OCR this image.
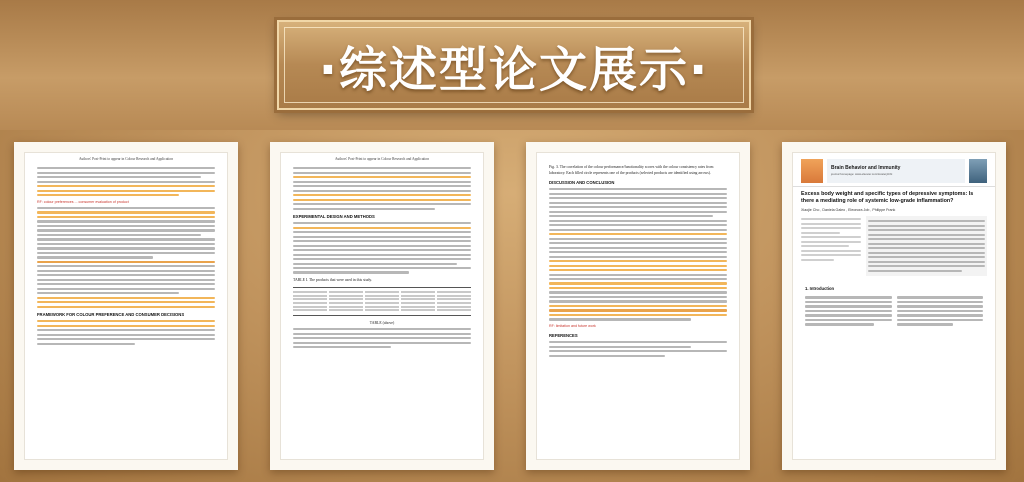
·综述型论文展示·
Authors' Post-Print to appear in Colour Research and Application
RF: colour preferences ... consumer evaluation of product
FRAMEWORK FOR COLOUR PREFERENCE AND CONSUMER DECISIONS
Authors' Post-Print to appear in Colour Research and Application
EXPERIMENTAL DESIGN AND METHODS
TABLE I. The products that were used in this study.
TABLE (above)
Fig. 3. The correlation of the colour performance/functionality scores with the colour consistency rates from laboratory. Each filled circle represents one of the products (selected products are identified using arrows).
DISCUSSION AND CONCLUSION
RF: limitation and future work
REFERENCES
Brain Behavior and Immunity
journal homepage: www.elsevier.com/locate/ybrbi
Excess body weight and specific types of depressive symptoms: Is there a mediating role of systemic low-grade inflammation?
Xiaojie Cho , Daniela Galeo , Eleonora Job , Philippe Frank
1. Introduction
